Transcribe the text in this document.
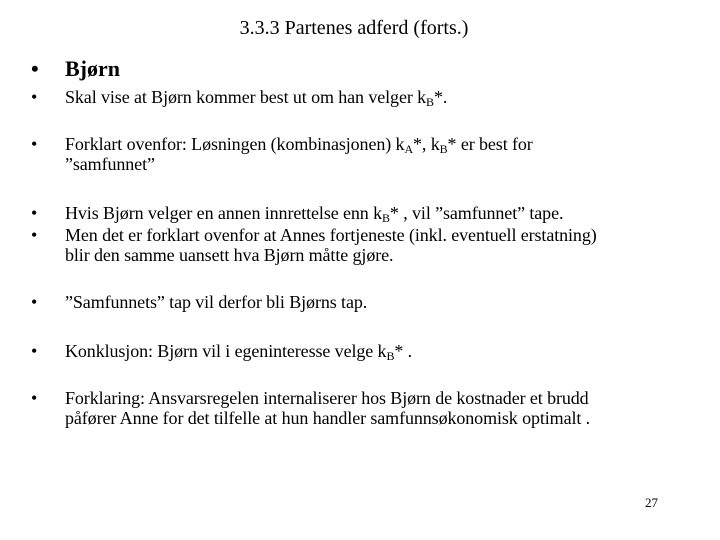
3.3.3 Partenes adferd (forts.)
• Bjørn
• Skal vise at Bjørn kommer best ut om han velger $k_B*$.
• Forklart ovenfor: Løsningen (kombinasjonen) $k_A*$, $k_B*$ er best for
”samfunnet”
• Hvis Bjørn velger en annen innrettelse enn $k_B*$ , vil ”samfunnet” tape.
• Men det er forklart ovenfor at Annes fortjeneste (inkl. eventuell erstatning)
blir den samme uansett hva Bjørn måtte gjøre.
• ”Samfunnets” tap vil derfor bli Bjørns tap.
• Konklusjon: Bjørn vil i egeninteresse velge $k_B*$ .
• Forklaring: Ansvarsregelen internaliserer hos Bjørn de kostnader et brudd
påfører Anne for det tilfelle at hun handler samfunnsøkonomisk optimalt .
27
